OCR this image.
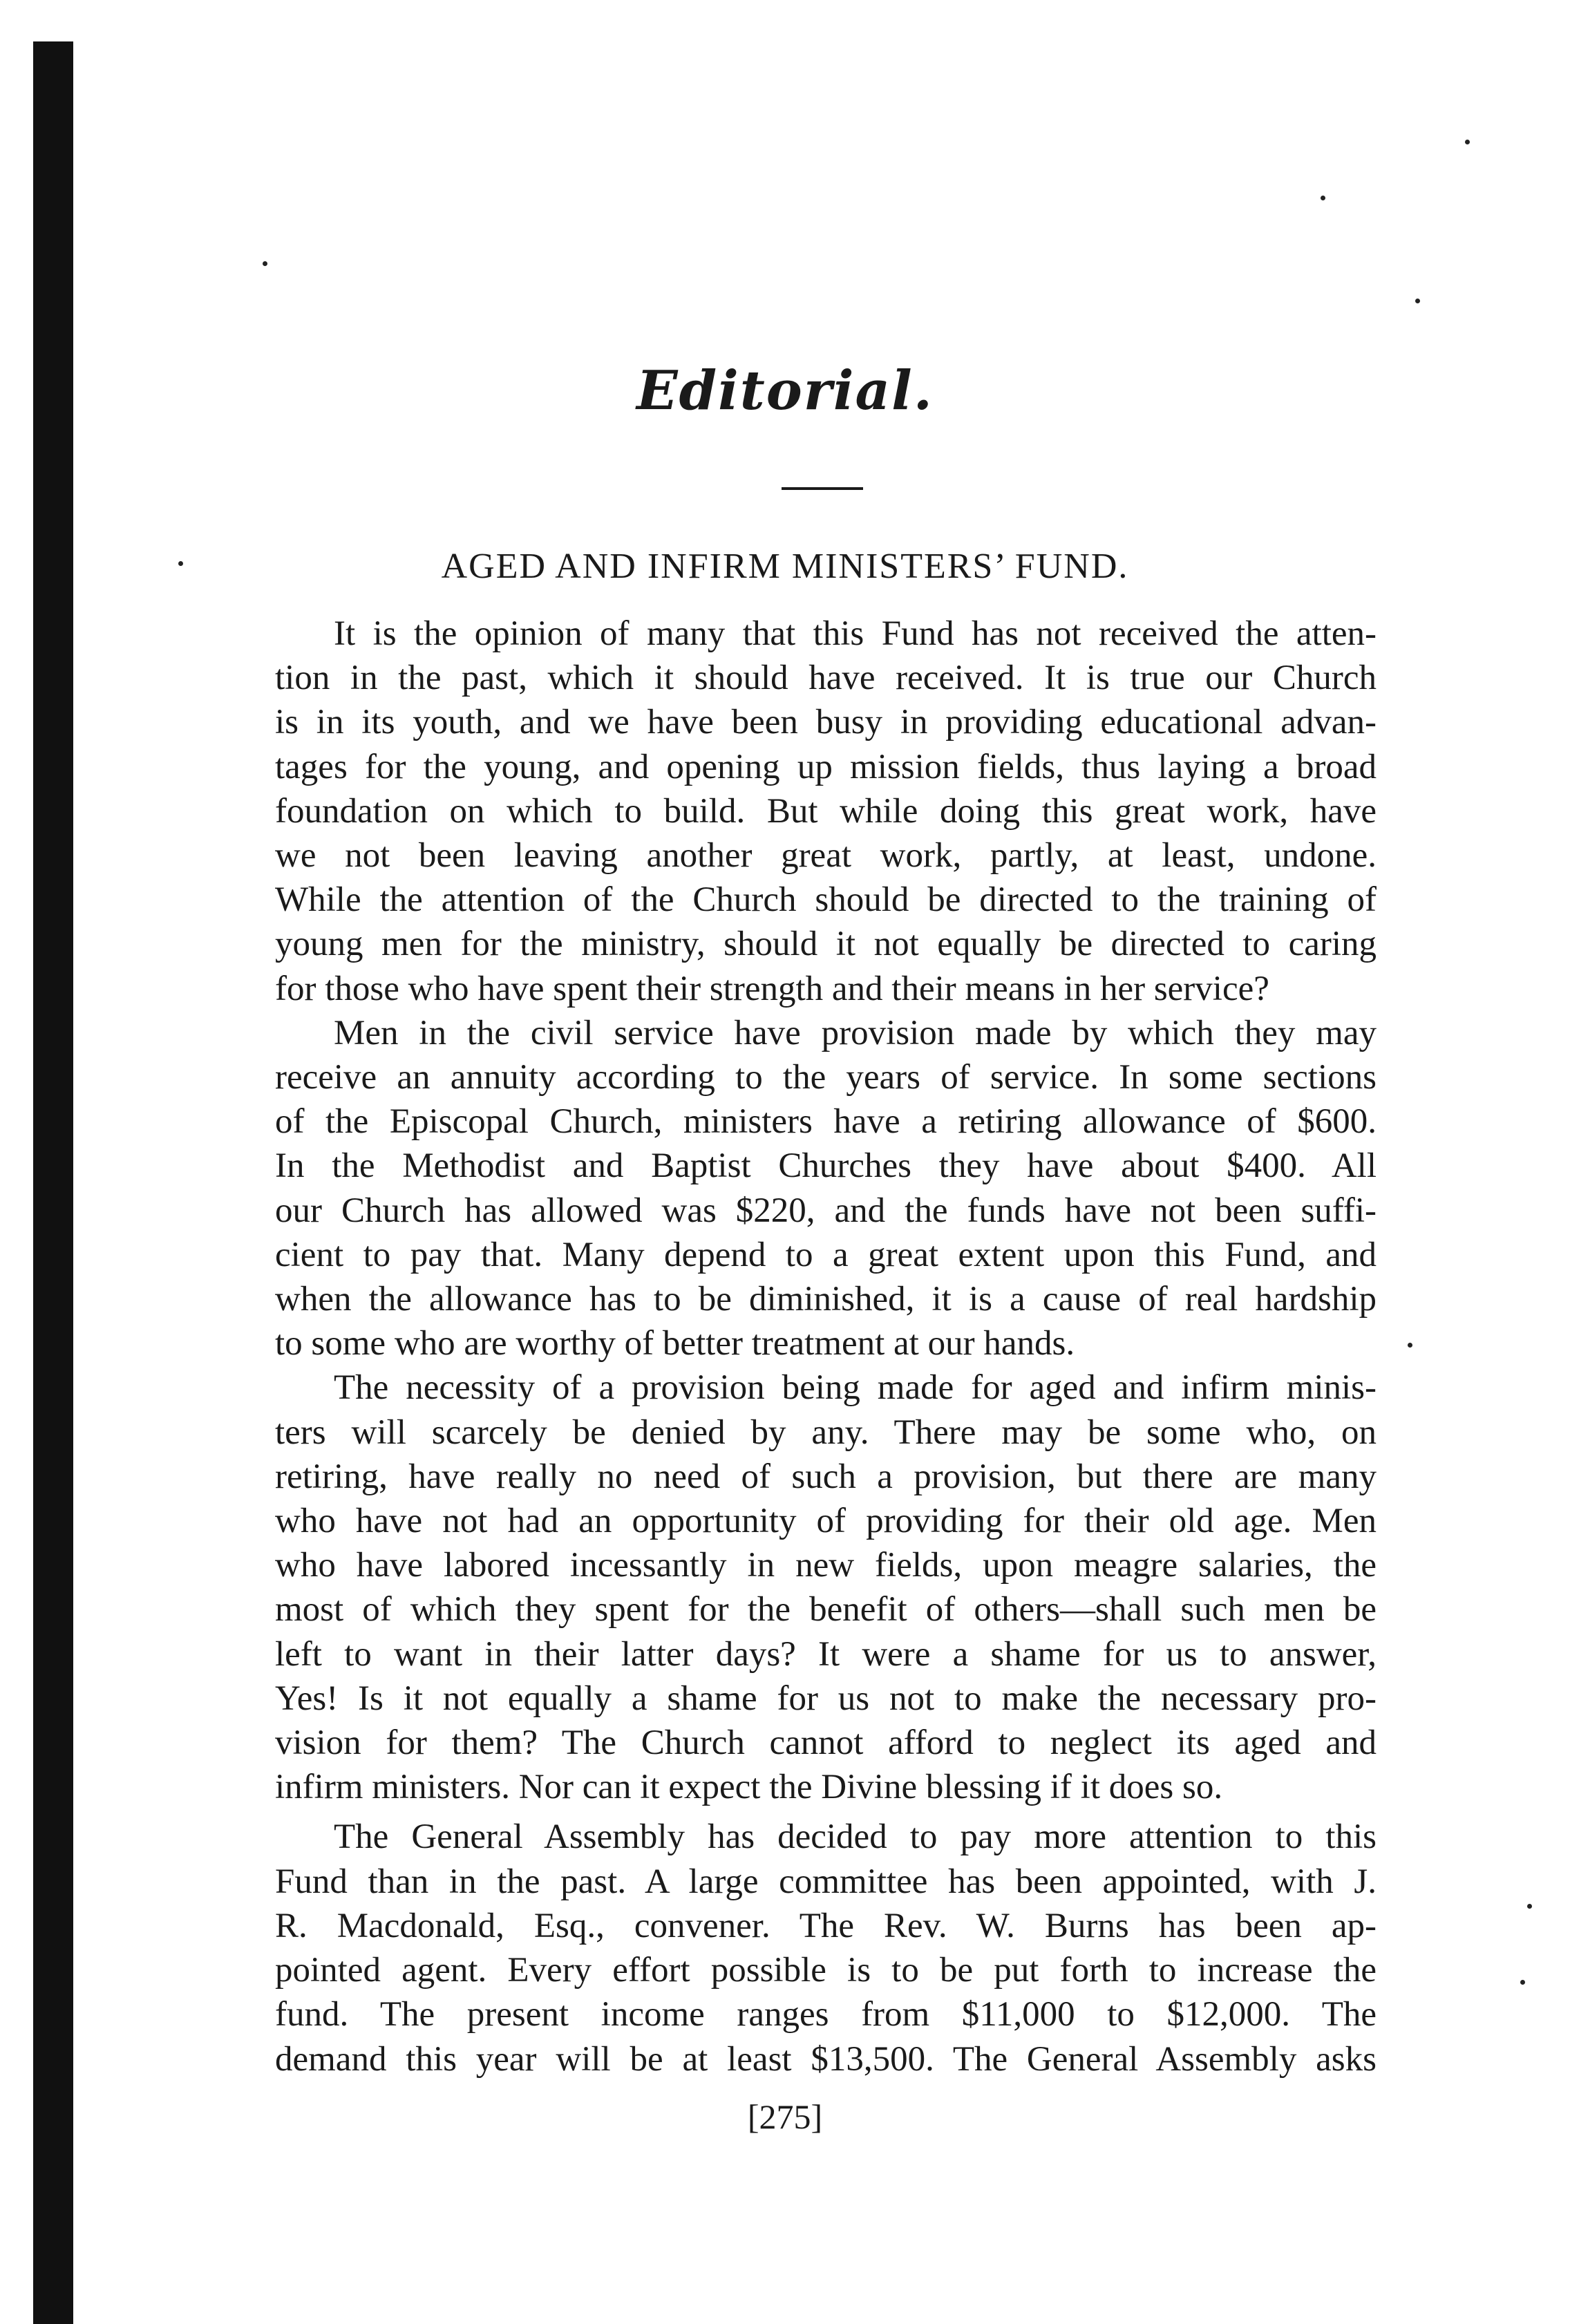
Editorial.
AGED AND INFIRM MINISTERS’ FUND.
It is the opinion of many that this Fund has not received the atten-
tion in the past, which it should have received. It is true our Church
is in its youth, and we have been busy in providing educational advan-
tages for the young, and opening up mission fields, thus laying a broad
foundation on which to build. But while doing this great work, have
we not been leaving another great work, partly, at least, undone.
While the attention of the Church should be directed to the training of
young men for the ministry, should it not equally be directed to caring
for those who have spent their strength and their means in her service?
Men in the civil service have provision made by which they may
receive an annuity according to the years of service. In some sections
of the Episcopal Church, ministers have a retiring allowance of $600.
In the Methodist and Baptist Churches they have about $400. All
our Church has allowed was $220, and the funds have not been suffi-
cient to pay that. Many depend to a great extent upon this Fund, and
when the allowance has to be diminished, it is a cause of real hardship
to some who are worthy of better treatment at our hands.
The necessity of a provision being made for aged and infirm minis-
ters will scarcely be denied by any. There may be some who, on
retiring, have really no need of such a provision, but there are many
who have not had an opportunity of providing for their old age. Men
who have labored incessantly in new fields, upon meagre salaries, the
most of which they spent for the benefit of others—shall such men be
left to want in their latter days? It were a shame for us to answer,
Yes! Is it not equally a shame for us not to make the necessary pro-
vision for them? The Church cannot afford to neglect its aged and
infirm ministers. Nor can it expect the Divine blessing if it does so.
The General Assembly has decided to pay more attention to this
Fund than in the past. A large committee has been appointed, with J.
R. Macdonald, Esq., convener. The Rev. W. Burns has been ap-
pointed agent. Every effort possible is to be put forth to increase the
fund. The present income ranges from $11,000 to $12,000. The
demand this year will be at least $13,500. The General Assembly asks
[275]
